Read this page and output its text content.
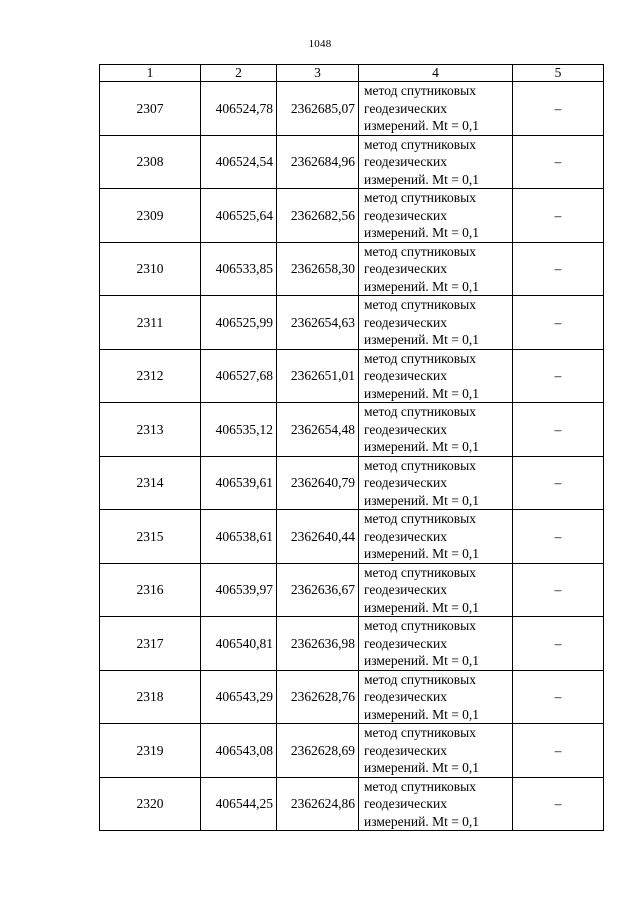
1048
1	2	3	4	5
2307	406524,78	2362685,07	метод спутниковых
геодезических
измерений. Mt = 0,1	–
2308	406524,54	2362684,96	метод спутниковых
геодезических
измерений. Mt = 0,1	–
2309	406525,64	2362682,56	метод спутниковых
геодезических
измерений. Mt = 0,1	–
2310	406533,85	2362658,30	метод спутниковых
геодезических
измерений. Mt = 0,1	–
2311	406525,99	2362654,63	метод спутниковых
геодезических
измерений. Mt = 0,1	–
2312	406527,68	2362651,01	метод спутниковых
геодезических
измерений. Mt = 0,1	–
2313	406535,12	2362654,48	метод спутниковых
геодезических
измерений. Mt = 0,1	–
2314	406539,61	2362640,79	метод спутниковых
геодезических
измерений. Mt = 0,1	–
2315	406538,61	2362640,44	метод спутниковых
геодезических
измерений. Mt = 0,1	–
2316	406539,97	2362636,67	метод спутниковых
геодезических
измерений. Mt = 0,1	–
2317	406540,81	2362636,98	метод спутниковых
геодезических
измерений. Mt = 0,1	–
2318	406543,29	2362628,76	метод спутниковых
геодезических
измерений. Mt = 0,1	–
2319	406543,08	2362628,69	метод спутниковых
геодезических
измерений. Mt = 0,1	–
2320	406544,25	2362624,86	метод спутниковых
геодезических
измерений. Mt = 0,1	–
